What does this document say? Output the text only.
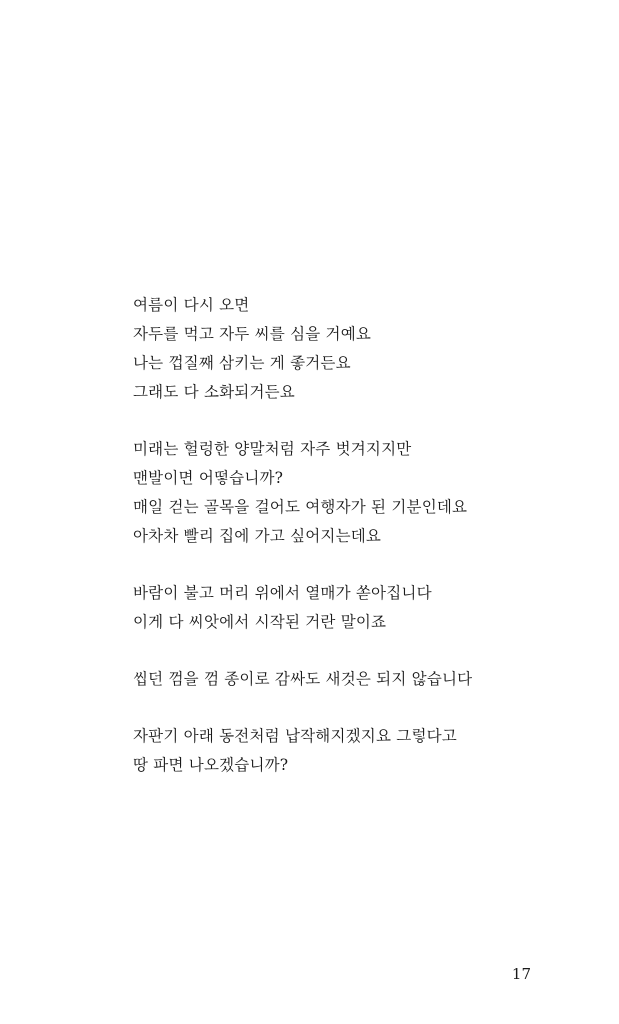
여름이 다시 오면
자두를 먹고 자두 씨를 심을 거예요
나는 껍질째 삼키는 게 좋거든요
그래도 다 소화되거든요
미래는 헐렁한 양말처럼 자주 벗겨지지만
맨발이면 어떻습니까?
매일 걷는 골목을 걸어도 여행자가 된 기분인데요
아차차 빨리 집에 가고 싶어지는데요
바람이 불고 머리 위에서 열매가 쏟아집니다
이게 다 씨앗에서 시작된 거란 말이죠
씹던 껌을 껌 종이로 감싸도 새것은 되지 않습니다
자판기 아래 동전처럼 납작해지겠지요 그렇다고
땅 파면 나오겠습니까?
17
